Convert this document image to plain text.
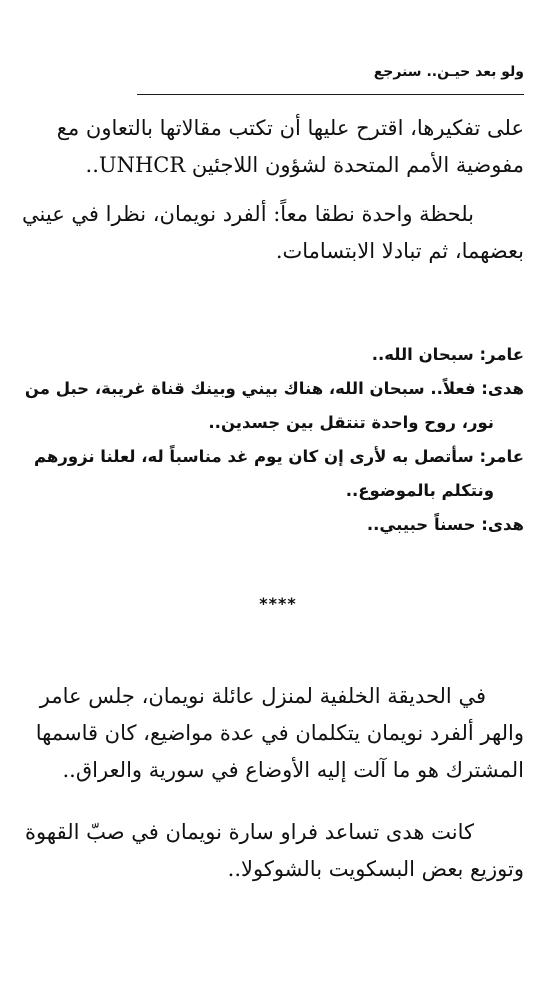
ولو بعد حيـن.. سنرجع
على تفكيرها، اقترح عليها أن تكتب مقالاتها بالتعاون مع
مفوضية الأمم المتحدة لشؤون اللاجئين UNHCR..
بلحظة واحدة نطقا معاً: ألفرد نويمان، نظرا في عيني
بعضهما، ثم تبادلا الابتسامات.
عامر: سبحان الله..
هدى: فعلاً.. سبحان الله، هناك بيني وبينك قناة غريبة، حبل من
نور، روح واحدة تنتقل بين جسدين..
عامر: سأتصل به لأرى إن كان يوم غد مناسباً له، لعلنا نزورهم
ونتكلم بالموضوع..
هدى: حسناً حبيبي..
****
في الحديقة الخلفية لمنزل عائلة نويمان، جلس عامر
والهر ألفرد نويمان يتكلمان في عدة مواضيع، كان قاسمها
المشترك هو ما آلت إليه الأوضاع في سورية والعراق..
كانت هدى تساعد فراو سارة نويمان في صبّ القهوة
وتوزيع بعض البسكويت بالشوكولا..
